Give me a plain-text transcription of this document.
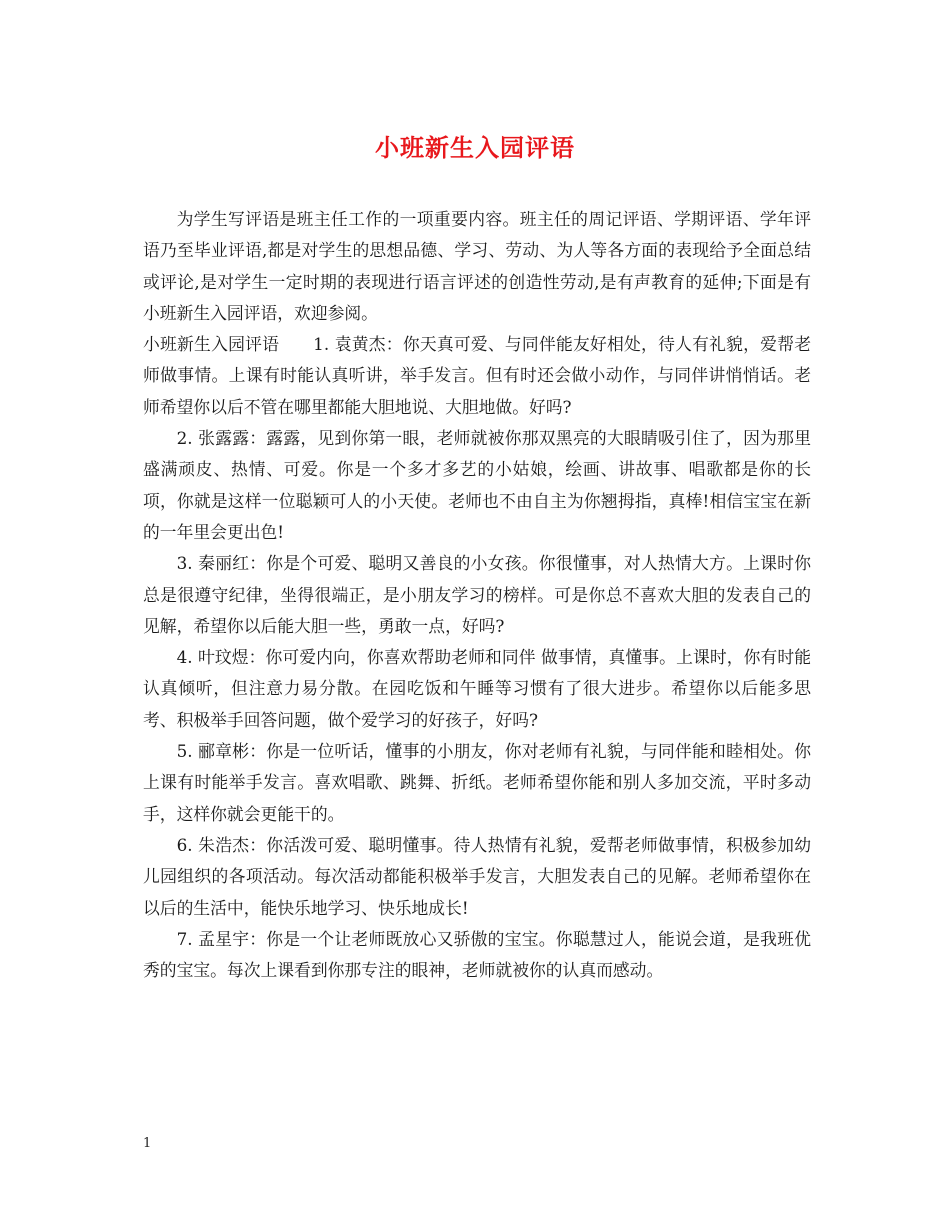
小班新生入园评语

为学生写评语是班主任工作的一项重要内容。班主任的周记评语、学期评语、学年评语乃至毕业评语,都是对学生的思想品德、学习、劳动、为人等各方面的表现给予全面总结或评论,是对学生一定时期的表现进行语言评述的创造性劳动,是有声教育的延伸;下面是有小班新生入园评语，欢迎参阅。

小班新生入园评语　　1. 袁黄杰：你天真可爱、与同伴能友好相处，待人有礼貌，爱帮老师做事情。上课有时能认真听讲，举手发言。但有时还会做小动作，与同伴讲悄悄话。老师希望你以后不管在哪里都能大胆地说、大胆地做。好吗?

2. 张露露：露露，见到你第一眼，老师就被你那双黑亮的大眼睛吸引住了，因为那里盛满顽皮、热情、可爱。你是一个多才多艺的小姑娘，绘画、讲故事、唱歌都是你的长项，你就是这样一位聪颖可人的小天使。老师也不由自主为你翘拇指，真棒!相信宝宝在新的一年里会更出色!

3. 秦丽红：你是个可爱、聪明又善良的小女孩。你很懂事，对人热情大方。上课时你总是很遵守纪律，坐得很端正，是小朋友学习的榜样。可是你总不喜欢大胆的发表自己的见解，希望你以后能大胆一些，勇敢一点，好吗?

4. 叶玟煜：你可爱内向，你喜欢帮助老师和同伴 做事情，真懂事。上课时，你有时能认真倾听，但注意力易分散。在园吃饭和午睡等习惯有了很大进步。希望你以后能多思考、积极举手回答问题，做个爱学习的好孩子，好吗?

5. 郦章彬：你是一位听话，懂事的小朋友，你对老师有礼貌，与同伴能和睦相处。你上课有时能举手发言。喜欢唱歌、跳舞、折纸。老师希望你能和别人多加交流，平时多动手，这样你就会更能干的。

6. 朱浩杰：你活泼可爱、聪明懂事。待人热情有礼貌，爱帮老师做事情，积极参加幼儿园组织的各项活动。每次活动都能积极举手发言，大胆发表自己的见解。老师希望你在以后的生活中，能快乐地学习、快乐地成长!

7. 孟星宇：你是一个让老师既放心又骄傲的宝宝。你聪慧过人，能说会道，是我班优秀的宝宝。每次上课看到你那专注的眼神，老师就被你的认真而感动。

1
